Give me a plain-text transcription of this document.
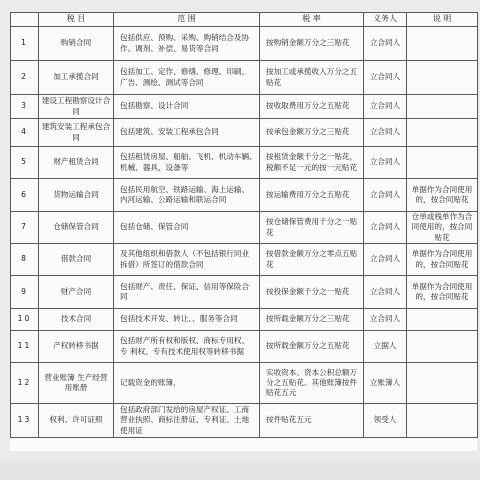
	税 目	范 围	税 率	义务人	说 明
1	购销合同	包括供应、预购、采购、购销结合及协
作、调剂、补偿、易货等合同	按购销金额万分之三贴花	立合同人	
2	加工承揽合同	包括加工、定作、修缮、修理、印刷、
广告、测绘、测试等合同	按加工或承揽收入万分之五
贴花	立合同人	
3	建设工程勘察设计合同	包括勘察、设计合同	按收取费用万分之五贴花	立合同人	
4	建筑安装工程承包合同	包括建筑、安装工程承包合同	按承包金额万分之三贴花	立合同人	
5	财产租赁合同	包括租赁房屋、船舶、飞机、机动车辆、
机械、器具、设备等	按租赁金额千分之一贴花，
税额不足一元的按一元贴花	立合同人	
6	货物运输合同	包括民用航空、铁路运输、海上运输、
内河运输、公路运输和联运合同	按运输费用万分之五贴花	立合同人	单据作为合同使用的，按合同贴花
7	仓储保管合同	包括仓储、保管合同	按仓储保管费用千分之一贴
花	立合同人	仓单或栈单作为合同使用的，按合同贴花
8	借款合同	及其他组织和借款人（不包括银行同业
拆借）所签订的借款合同	按借款金额万分之零点五贴
花	立合同人	单据作为合同使用的，按合同贴花
9	财产合同	包括财产、责任、保证、信用等保险合
同	按投保金额千分之一贴花	立合同人	单据作为合同使用的，按合同贴花
10	技术合同	包括技术开发、转让、、服务等合同	按所载金额万分之三贴花	立合同人	
11	产权转移书据	包括财产所有权和版权、商标专用权、
专 利权、专有技术使用权等转移书据	按所载金额万分之五贴花	立据人	
12	营业账簿 生产经营用账册	记载资金的账簿，	实收资本、资本公积总额万
分之五贴花。其他账簿按件
贴花五元	立账簿人	
13	权利、许可证照	包括政府部门发给的房屋产权证、工商
营业执照、商标注册证、专利证、土地
使用证	按件贴花五元	领受人	
